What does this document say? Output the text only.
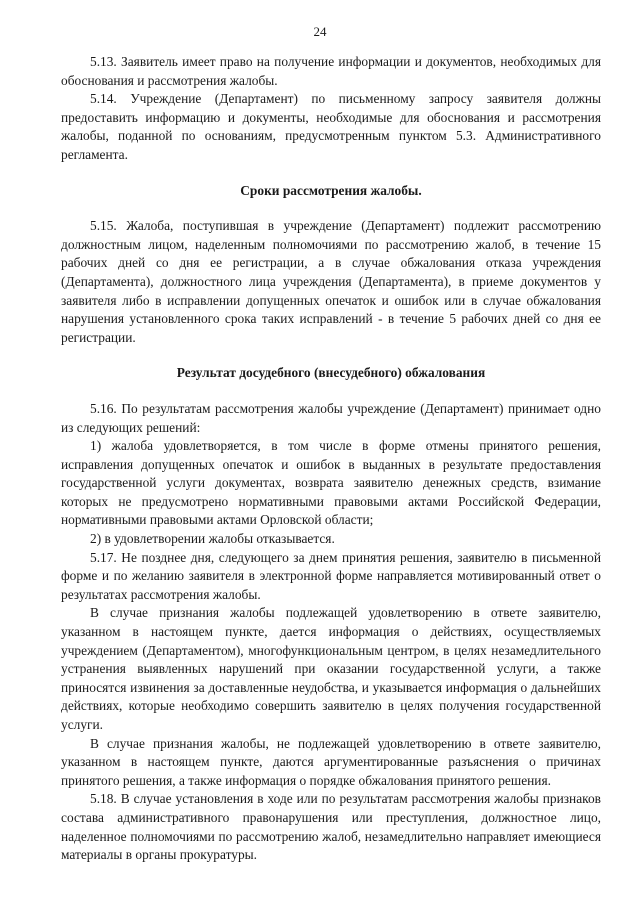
24

5.13. Заявитель имеет право на получение информации и документов, необходимых для обоснования и рассмотрения жалобы.

5.14. Учреждение (Департамент) по письменному запросу заявителя должны предоставить информацию и документы, необходимые для обоснования и рассмотрения жалобы, поданной по основаниям, предусмотренным пунктом 5.3. Административного регламента.

Сроки рассмотрения жалобы.

5.15. Жалоба, поступившая в учреждение (Департамент) подлежит рассмотрению должностным лицом, наделенным полномочиями по рассмотрению жалоб, в течение 15 рабочих дней со дня ее регистрации, а в случае обжалования отказа учреждения (Департамента), должностного лица учреждения (Департамента), в приеме документов у заявителя либо в исправлении допущенных опечаток и ошибок или в случае обжалования нарушения установленного срока таких исправлений - в течение 5 рабочих дней со дня ее регистрации.

Результат досудебного (внесудебного) обжалования

5.16. По результатам рассмотрения жалобы учреждение (Департамент) принимает одно из следующих решений:

1) жалоба удовлетворяется, в том числе в форме отмены принятого решения, исправления допущенных опечаток и ошибок в выданных в результате предоставления государственной услуги документах, возврата заявителю денежных средств, взимание которых не предусмотрено нормативными правовыми актами Российской Федерации, нормативными правовыми актами Орловской области;

2) в удовлетворении жалобы отказывается.

5.17. Не позднее дня, следующего за днем принятия решения, заявителю в письменной форме и по желанию заявителя в электронной форме направляется мотивированный ответ о результатах рассмотрения жалобы.

В случае признания жалобы подлежащей удовлетворению в ответе заявителю, указанном в настоящем пункте, дается информация о действиях, осуществляемых учреждением (Департаментом), многофункциональным центром, в целях незамедлительного устранения выявленных нарушений при оказании государственной услуги, а также приносятся извинения за доставленные неудобства, и указывается информация о дальнейших действиях, которые необходимо совершить заявителю в целях получения государственной услуги.

В случае признания жалобы, не подлежащей удовлетворению в ответе заявителю, указанном в настоящем пункте, даются аргументированные разъяснения о причинах принятого решения, а также информация о порядке обжалования принятого решения.

5.18. В случае установления в ходе или по результатам рассмотрения жалобы признаков состава административного правонарушения или преступления, должностное лицо, наделенное полномочиями по рассмотрению жалоб, незамедлительно направляет имеющиеся материалы в органы прокуратуры.
